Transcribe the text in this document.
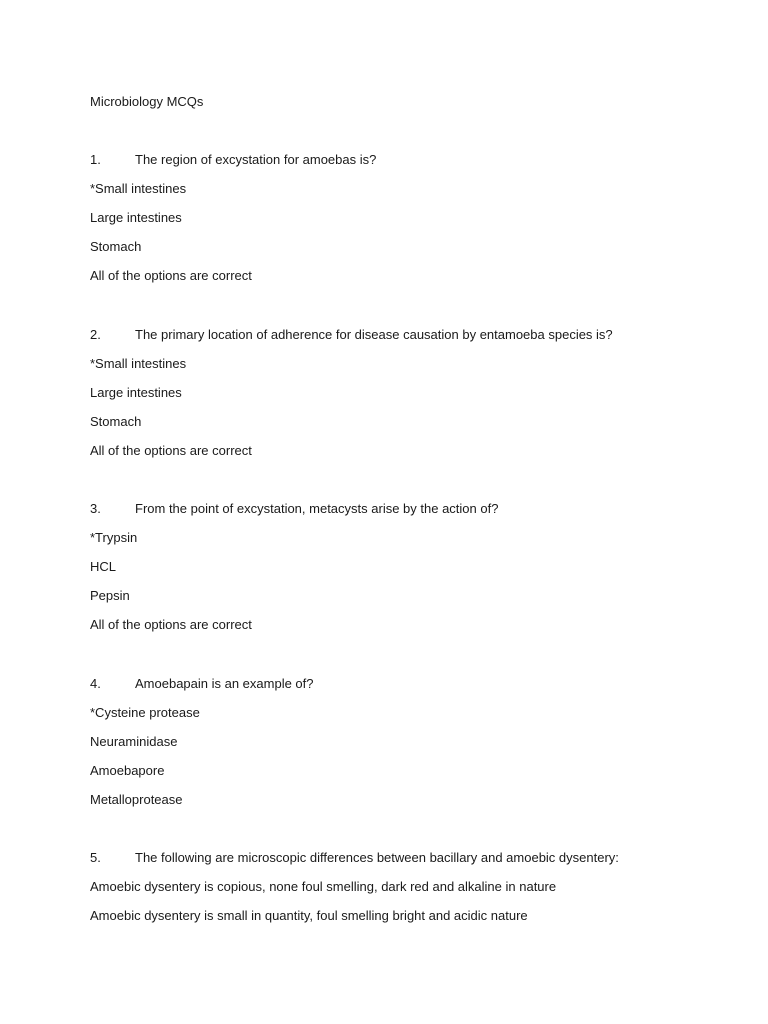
Microbiology MCQs
1.	The region of excystation for amoebas is?
*Small intestines
Large intestines
Stomach
All of the options are correct
2.	The primary location of adherence for disease causation by entamoeba species is?
*Small intestines
Large intestines
Stomach
All of the options are correct
3.	From the point of excystation, metacysts arise by the action of?
*Trypsin
HCL
Pepsin
All of the options are correct
4.	Amoebapain is an example of?
*Cysteine protease
Neuraminidase
Amoebapore
Metalloprotease
5.	The following are microscopic differences between bacillary and amoebic dysentery:
Amoebic dysentery is copious, none foul smelling, dark red and alkaline in nature
Amoebic dysentery is small in quantity, foul smelling bright and acidic nature
